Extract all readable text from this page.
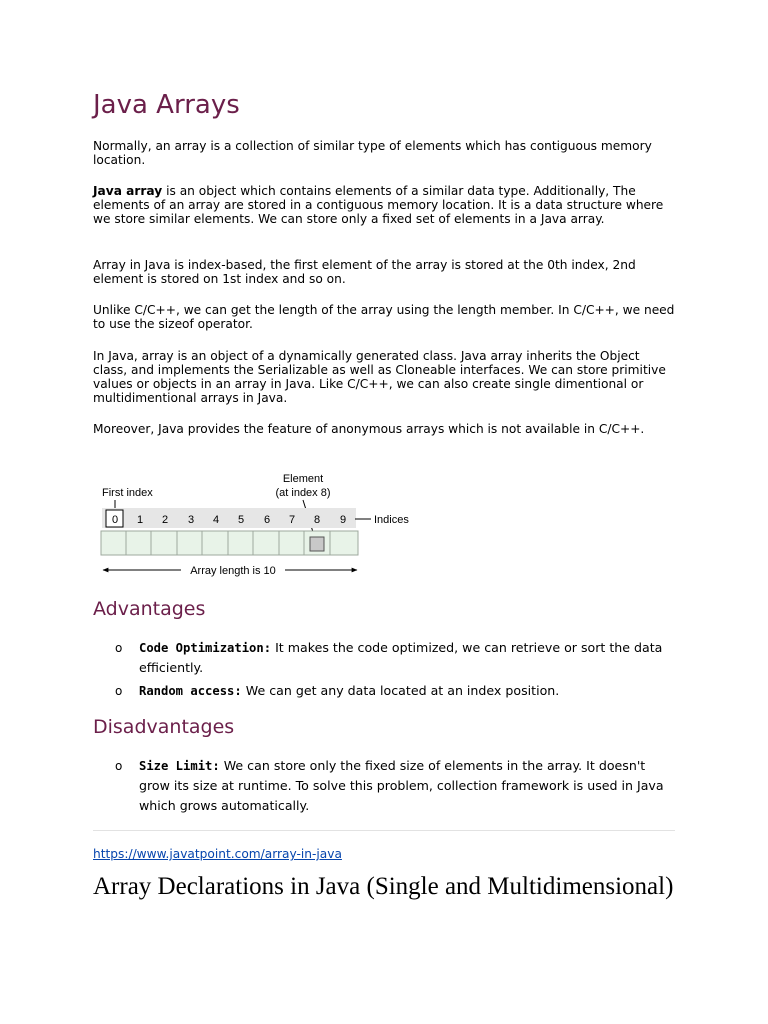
Java Arrays

Normally, an array is a collection of similar type of elements which has contiguous memory location.

Java array is an object which contains elements of a similar data type. Additionally, The elements of an array are stored in a contiguous memory location. It is a data structure where we store similar elements. We can store only a fixed set of elements in a Java array.

Array in Java is index-based, the first element of the array is stored at the 0th index, 2nd element is stored on 1st index and so on.

Unlike C/C++, we can get the length of the array using the length member. In C/C++, we need to use the sizeof operator.

In Java, array is an object of a dynamically generated class. Java array inherits the Object class, and implements the Serializable as well as Cloneable interfaces. We can store primitive values or objects in an array in Java. Like C/C++, we can also create single dimentional or multidimentional arrays in Java.

Moreover, Java provides the feature of anonymous arrays which is not available in C/C++.

First index
Element
(at index 8)
0 1 2 3 4 5 6 7 8 9	Indices
Array length is 10
Advantages
o Code Optimization: It makes the code optimized, we can retrieve or sort the data efficiently.
o Random access: We can get any data located at an index position.
Disadvantages
o Size Limit: We can store only the fixed size of elements in the array. It doesn't grow its size at runtime. To solve this problem, collection framework is used in Java which grows automatically.
https://www.javatpoint.com/array-in-java
Array Declarations in Java (Single and Multidimensional)
